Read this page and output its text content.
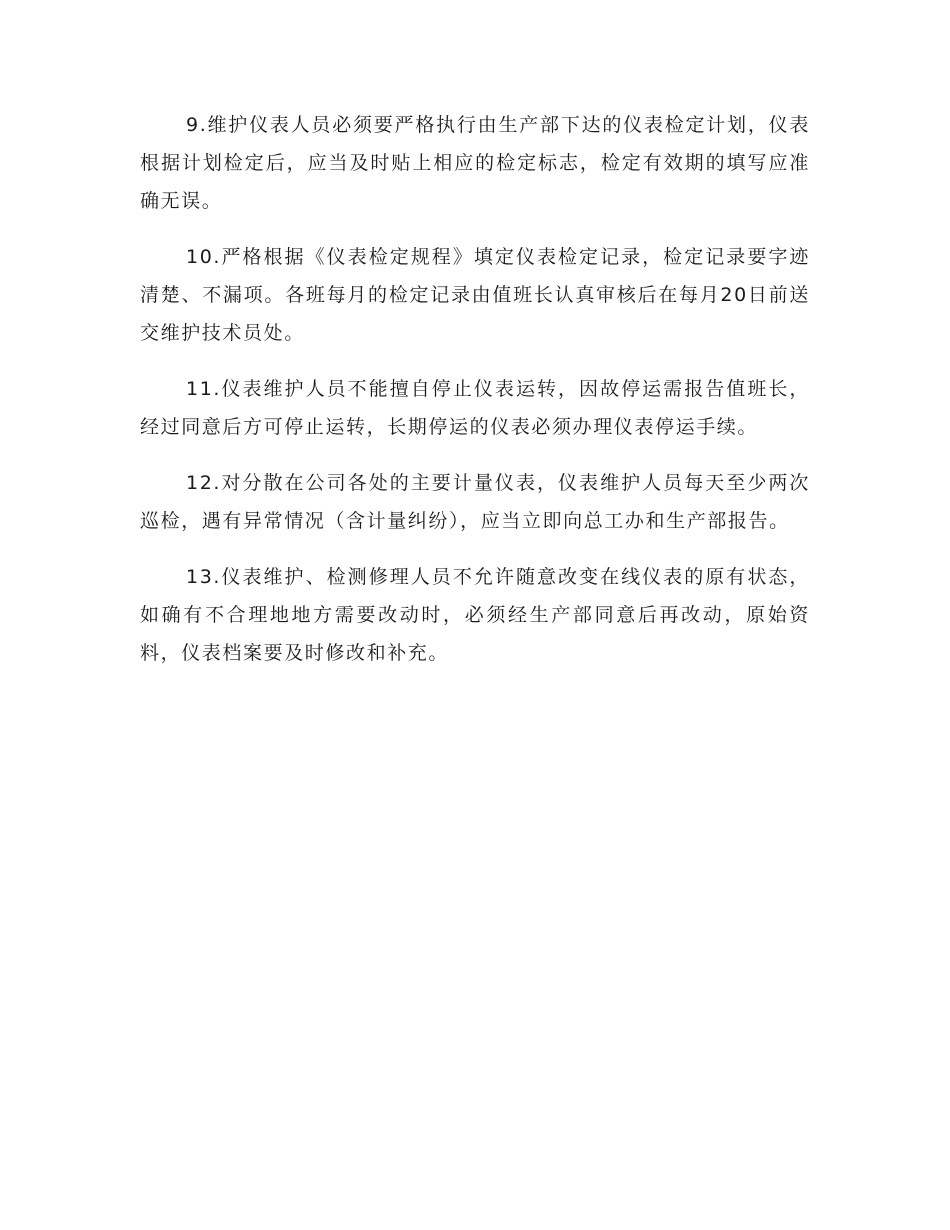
9.维护仪表人员必须要严格执行由生产部下达的仪表检定计划，仪表根据计划检定后，应当及时贴上相应的检定标志，检定有效期的填写应准确无误。

10.严格根据《仪表检定规程》填定仪表检定记录，检定记录要字迹清楚、不漏项。各班每月的检定记录由值班长认真审核后在每月20日前送交维护技术员处。

11.仪表维护人员不能擅自停止仪表运转，因故停运需报告值班长，经过同意后方可停止运转，长期停运的仪表必须办理仪表停运手续。

12.对分散在公司各处的主要计量仪表，仪表维护人员每天至少两次巡检，遇有异常情况（含计量纠纷），应当立即向总工办和生产部报告。

13.仪表维护、检测修理人员不允许随意改变在线仪表的原有状态，如确有不合理地地方需要改动时，必须经生产部同意后再改动，原始资料，仪表档案要及时修改和补充。
